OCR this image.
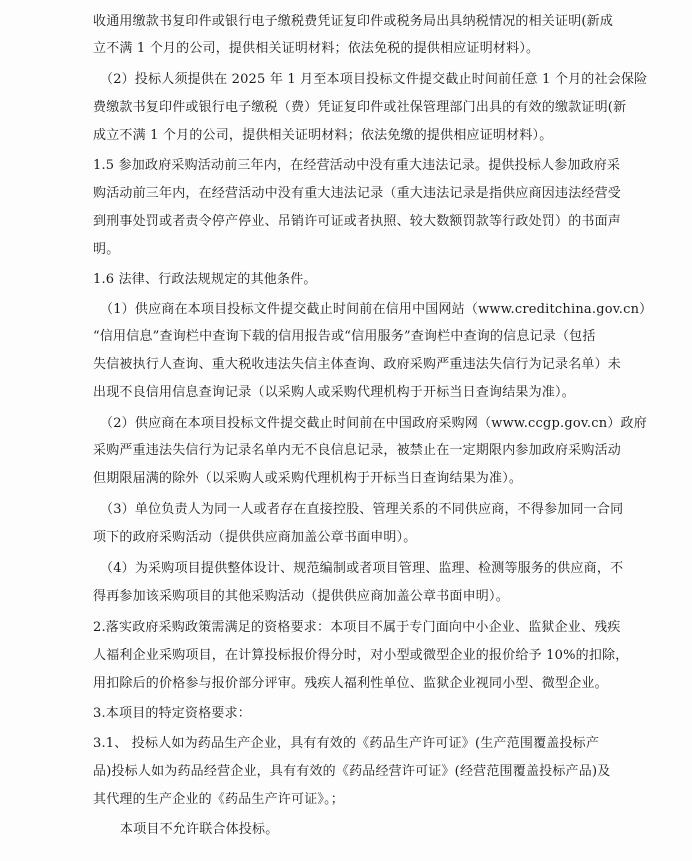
收通用缴款书复印件或银行电子缴税费凭证复印件或税务局出具纳税情况的相关证明(新成
立不满 1 个月的公司，提供相关证明材料；依法免税的提供相应证明材料）。
（2）投标人须提供在 2025 年 1 月至本项目投标文件提交截止时间前任意 1 个月的社会保险
费缴款书复印件或银行电子缴税（费）凭证复印件或社保管理部门出具的有效的缴款证明(新
成立不满 1 个月的公司，提供相关证明材料；依法免缴的提供相应证明材料）。
1.5 参加政府采购活动前三年内，在经营活动中没有重大违法记录。提供投标人参加政府采
购活动前三年内，在经营活动中没有重大违法记录（重大违法记录是指供应商因违法经营受
到刑事处罚或者责令停产停业、吊销许可证或者执照、较大数额罚款等行政处罚）的书面声
明。
1.6 法律、行政法规规定的其他条件。
（1）供应商在本项目投标文件提交截止时间前在信用中国网站（www.creditchina.gov.cn）
“信用信息”查询栏中查询下载的信用报告或“信用服务”查询栏中查询的信息记录（包括
失信被执行人查询、重大税收违法失信主体查询、政府采购严重违法失信行为记录名单）未
出现不良信用信息查询记录（以采购人或采购代理机构于开标当日查询结果为准）。
（2）供应商在本项目投标文件提交截止时间前在中国政府采购网（www.ccgp.gov.cn）政府
采购严重违法失信行为记录名单内无不良信息记录，被禁止在一定期限内参加政府采购活动
但期限届满的除外（以采购人或采购代理机构于开标当日查询结果为准）。
（3）单位负责人为同一人或者存在直接控股、管理关系的不同供应商，不得参加同一合同
项下的政府采购活动（提供供应商加盖公章书面申明）。
（4）为采购项目提供整体设计、规范编制或者项目管理、监理、检测等服务的供应商，不
得再参加该采购项目的其他采购活动（提供供应商加盖公章书面申明）。
2.落实政府采购政策需满足的资格要求：本项目不属于专门面向中小企业、监狱企业、残疾
人福利企业采购项目，在计算投标报价得分时，对小型或微型企业的报价给予 10%的扣除，
用扣除后的价格参与报价部分评审。残疾人福利性单位、监狱企业视同小型、微型企业。
3.本项目的特定资格要求：
3.1、 投标人如为药品生产企业，具有有效的《药品生产许可证》(生产范围覆盖投标产
品)投标人如为药品经营企业，具有有效的《药品经营许可证》(经营范围覆盖投标产品)及
其代理的生产企业的《药品生产许可证》。；
本项目不允许联合体投标。
